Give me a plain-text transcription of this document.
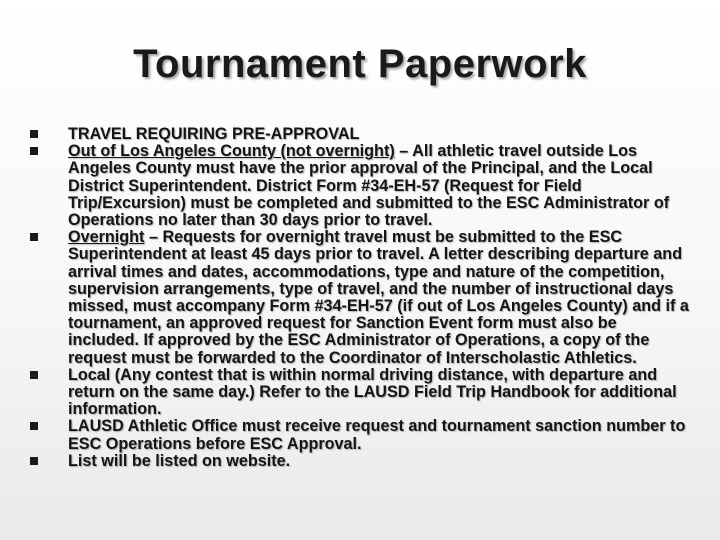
Tournament Paperwork
TRAVEL REQUIRING PRE-APPROVAL
Out of Los Angeles County (not overnight) – All athletic travel outside Los Angeles County must have the prior approval of the Principal, and the Local District Superintendent. District Form #34-EH-57 (Request for Field Trip/Excursion) must be completed and submitted to the ESC Administrator of Operations no later than 30 days prior to travel.
Overnight – Requests for overnight travel must be submitted to the ESC Superintendent at least 45 days prior to travel. A letter describing departure and arrival times and dates, accommodations, type and nature of the competition, supervision arrangements, type of travel, and the number of instructional days missed, must accompany Form #34-EH-57 (if out of Los Angeles County) and if a tournament, an approved request for Sanction Event form must also be included. If approved by the ESC Administrator of Operations, a copy of the request must be forwarded to the Coordinator of Interscholastic Athletics.
Local (Any contest that is within normal driving distance, with departure and return on the same day.) Refer to the LAUSD Field Trip Handbook for additional information.
LAUSD Athletic Office must receive request and tournament sanction number to ESC Operations before ESC Approval.
List will be listed on website.
